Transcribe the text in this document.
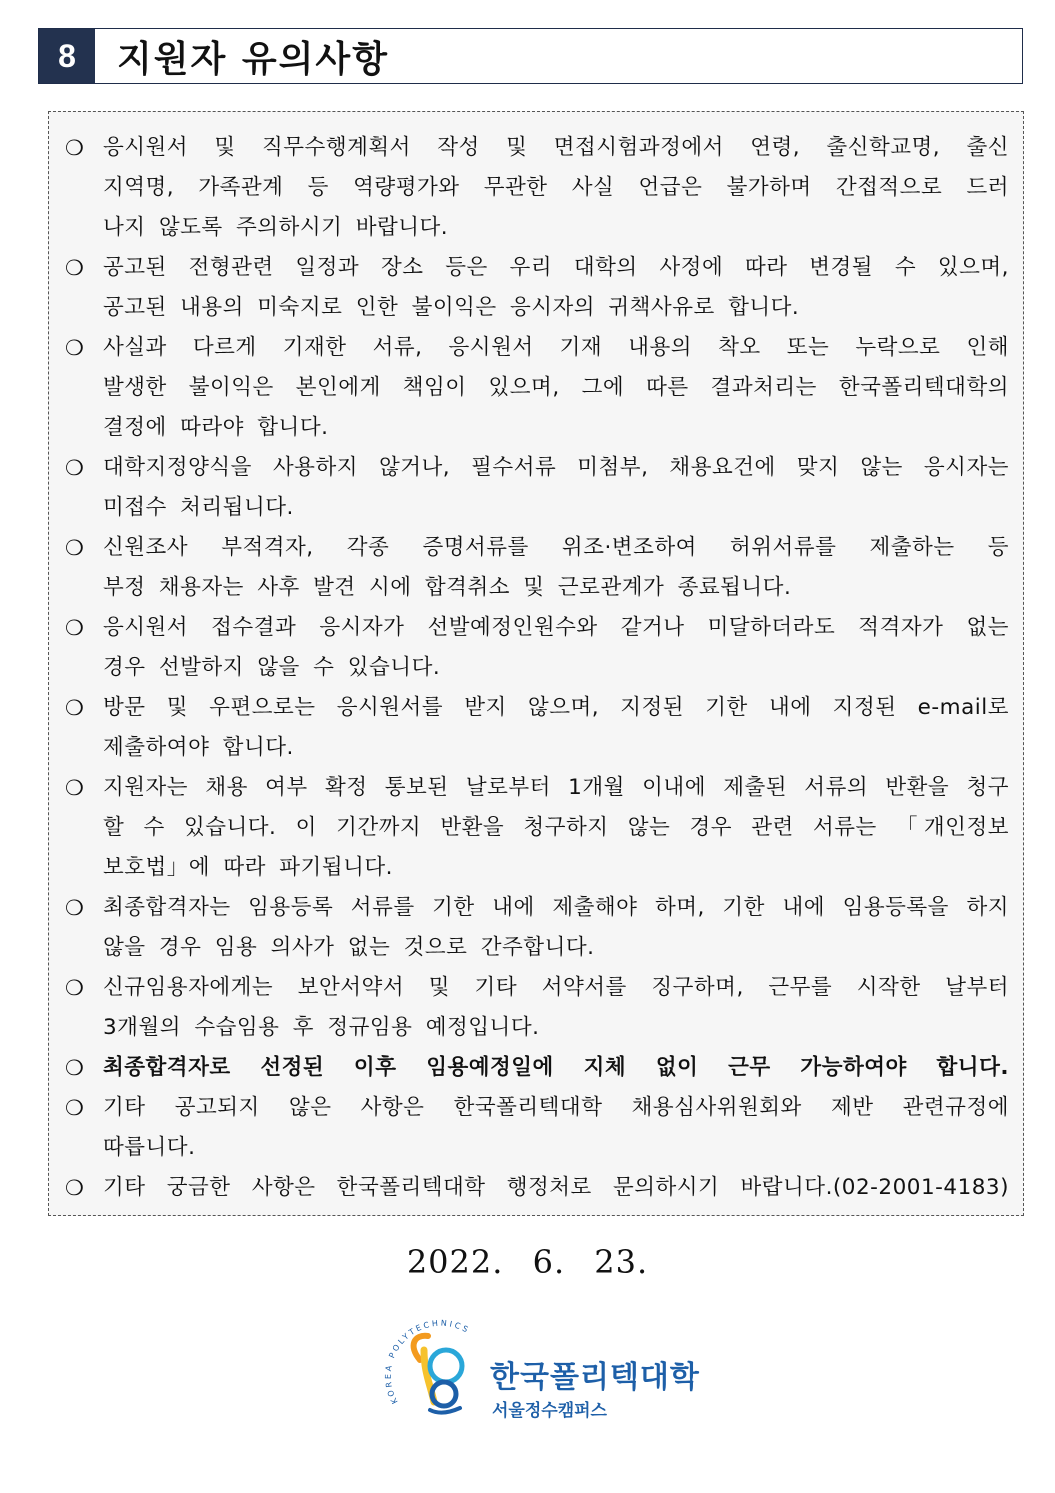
8	지원자 유의사항
❍ 응시원서 및 직무수행계획서 작성 및 면접시험과정에서 연령, 출신학교명, 출신
지역명, 가족관계 등 역량평가와 무관한 사실 언급은 불가하며 간접적으로 드러
나지 않도록 주의하시기 바랍니다.
❍ 공고된 전형관련 일정과 장소 등은 우리 대학의 사정에 따라 변경될 수 있으며,
공고된 내용의 미숙지로 인한 불이익은 응시자의 귀책사유로 합니다.
❍ 사실과 다르게 기재한 서류, 응시원서 기재 내용의 착오 또는 누락으로 인해
발생한 불이익은 본인에게 책임이 있으며, 그에 따른 결과처리는 한국폴리텍대학의
결정에 따라야 합니다.
❍ 대학지정양식을 사용하지 않거나, 필수서류 미첨부, 채용요건에 맞지 않는 응시자는
미접수 처리됩니다.
❍ 신원조사 부적격자, 각종 증명서류를 위조·변조하여 허위서류를 제출하는 등
부정 채용자는 사후 발견 시에 합격취소 및 근로관계가 종료됩니다.
❍ 응시원서 접수결과 응시자가 선발예정인원수와 같거나 미달하더라도 적격자가 없는
경우 선발하지 않을 수 있습니다.
❍ 방문 및 우편으로는 응시원서를 받지 않으며, 지정된 기한 내에 지정된 e-mail로
제출하여야 합니다.
❍ 지원자는 채용 여부 확정 통보된 날로부터 1개월 이내에 제출된 서류의 반환을 청구
할 수 있습니다. 이 기간까지 반환을 청구하지 않는 경우 관련 서류는 「개인정보
보호법」에 따라 파기됩니다.
❍ 최종합격자는 임용등록 서류를 기한 내에 제출해야 하며, 기한 내에 임용등록을 하지
않을 경우 임용 의사가 없는 것으로 간주합니다.
❍ 신규임용자에게는 보안서약서 및 기타 서약서를 징구하며, 근무를 시작한 날부터
3개월의 수습임용 후 정규임용 예정입니다.
❍ 최종합격자로 선정된 이후 임용예정일에 지체 없이 근무 가능하여야 합니다.
❍ 기타 공고되지 않은 사항은 한국폴리텍대학 채용심사위원회와 제반 관련규정에
따릅니다.
❍ 기타 궁금한 사항은 한국폴리텍대학 행정처로 문의하시기 바랍니다.(02-2001-4183)
2022. 6. 23.
KOREA POLYTECHNICS
한국폴리텍대학
서울정수캠퍼스
